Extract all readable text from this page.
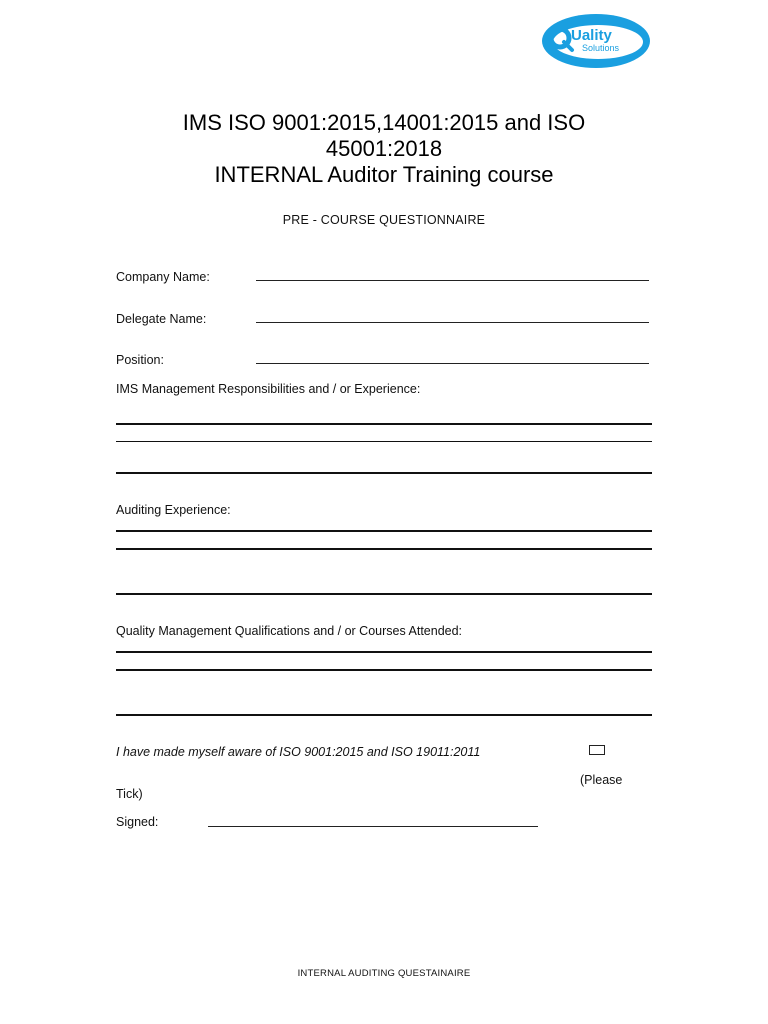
Uality
Solutions
IMS ISO 9001:2015,14001:2015 and ISO
45001:2018
INTERNAL Auditor Training course
PRE - COURSE QUESTIONNAIRE
Company Name:
Delegate Name:
Position:
IMS Management Responsibilities and / or Experience:
Auditing Experience:
Quality Management Qualifications and / or Courses Attended:
I have made myself aware of ISO 9001:2015 and ISO 19011:2011
(Please
Tick)
Signed:
INTERNAL AUDITING QUESTAINAIRE
